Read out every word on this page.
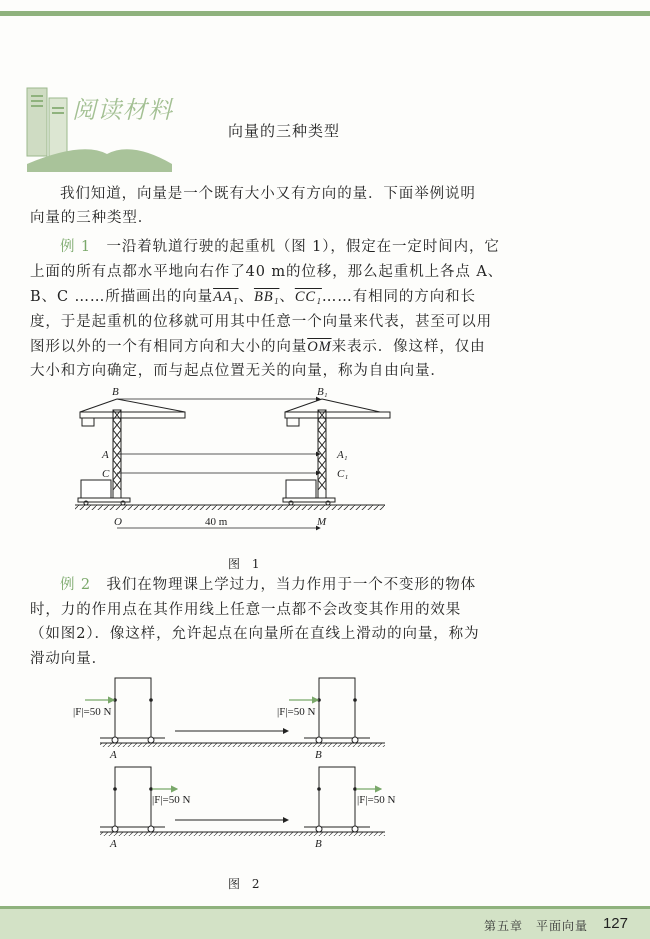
阅读材料
向量的三种类型
我们知道，向量是一个既有大小又有方向的量．下面举例说明
向量的三种类型．
例 1　 一沿着轨道行驶的起重机（图 1），假定在一定时间内，它
上面的所有点都水平地向右作了40 m的位移，那么起重机上各点 A、
B、C ……所描画出的向量AA₁、BB₁、CC₁……有相同的方向和长
度，于是起重机的位移就可用其中任意一个向量来代表，甚至可以用
图形以外的一个有相同方向和大小的向量$\overline{OM}$来表示．像这样，仅由
大小和方向确定，而与起点位置无关的向量，称为自由向量．
B	B₁
A	A₁
C	C₁
O	M
40 m
图 1
例 2　 我们在物理课上学过力，当力作用于一个不变形的物体
时，力的作用点在其作用线上任意一点都不会改变其作用的效果
（如图2）．像这样，允许起点在向量所在直线上滑动的向量，称为
滑动向量．
|F|=50 N	|F|=50 N
|F|=50 N	|F|=50 N
A	B
A	B
图 2
第五章　平面向量 127
